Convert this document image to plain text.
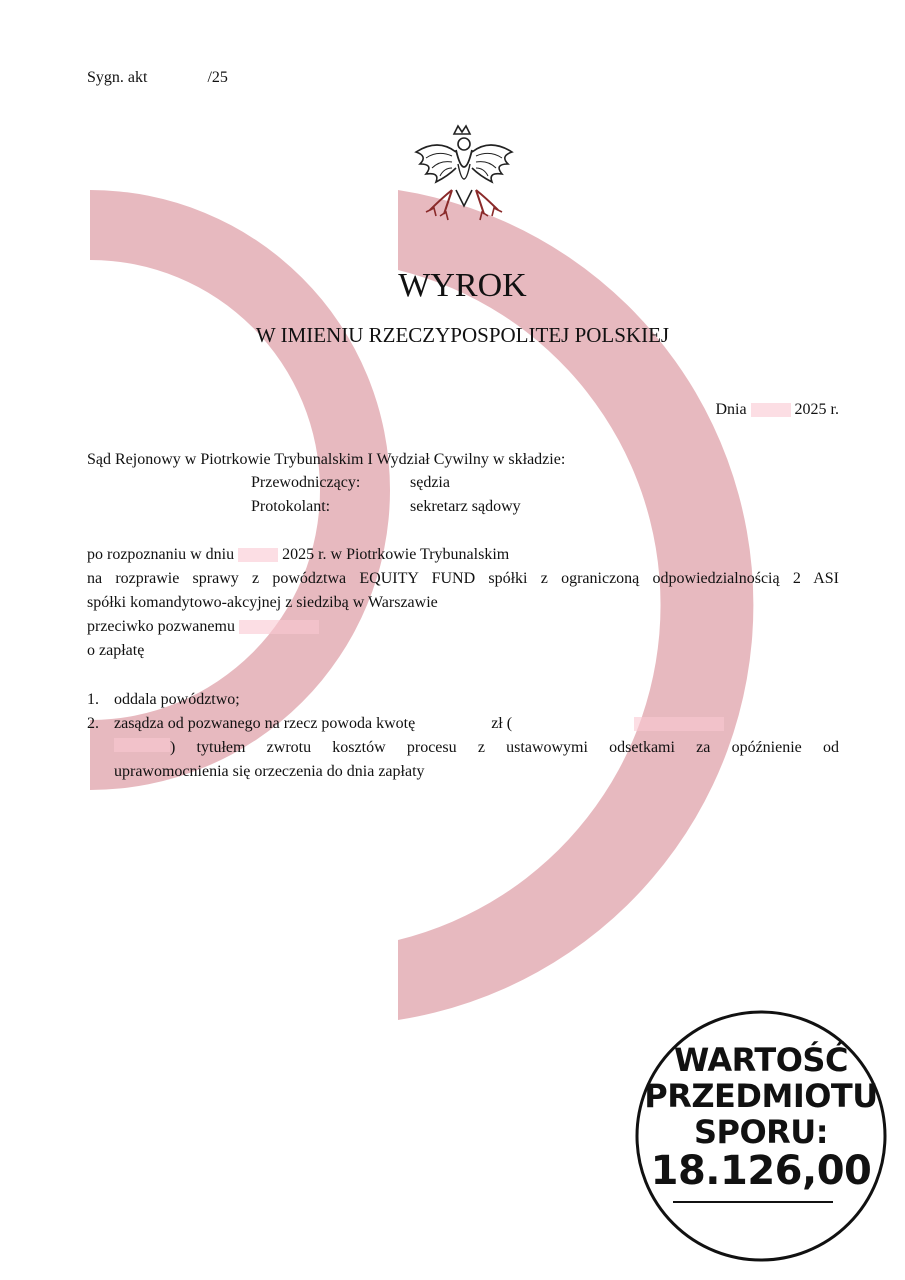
Sygn. akt	/25
WYROK
W IMIENIU RZECZYPOSPOLITEJ POLSKIEJ
Dnia	2025 r.
Sąd Rejonowy w Piotrkowie Trybunalskim I Wydział Cywilny w składzie:
Przewodniczący:	sędzia
Protokolant:	sekretarz sądowy
po rozpoznaniu w dniu	2025 r. w Piotrkowie Trybunalskim
na rozprawie sprawy z powództwa EQUITY FUND spółki z ograniczoną odpowiedzialnością 2 ASI
spółki komandytowo-akcyjnej z siedzibą w Warszawie
przeciwko pozwanemu
o zapłatę
1. oddala powództwo;
2. zasądza od pozwanego na rzecz powoda kwotę	zł (
) tytułem zwrotu kosztów procesu z ustawowymi odsetkami za opóźnienie od
uprawomocnienia się orzeczenia do dnia zapłaty
WARTOŚĆ
PRZEDMIOTU
SPORU:
18.126,00
